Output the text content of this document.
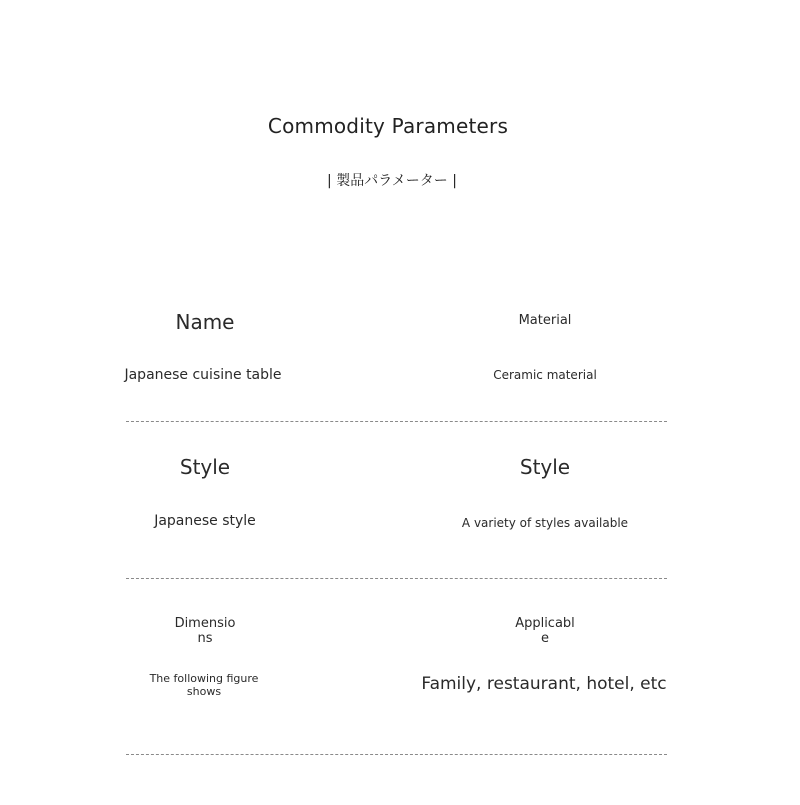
Commodity Parameters
| 製品パラメーター |
Name
Japanese cuisine table
Material
Ceramic material
Style
Japanese style
Style
A variety of styles available
Dimensions
The following figure shows
Applicable
Family, restaurant, hotel, etc
